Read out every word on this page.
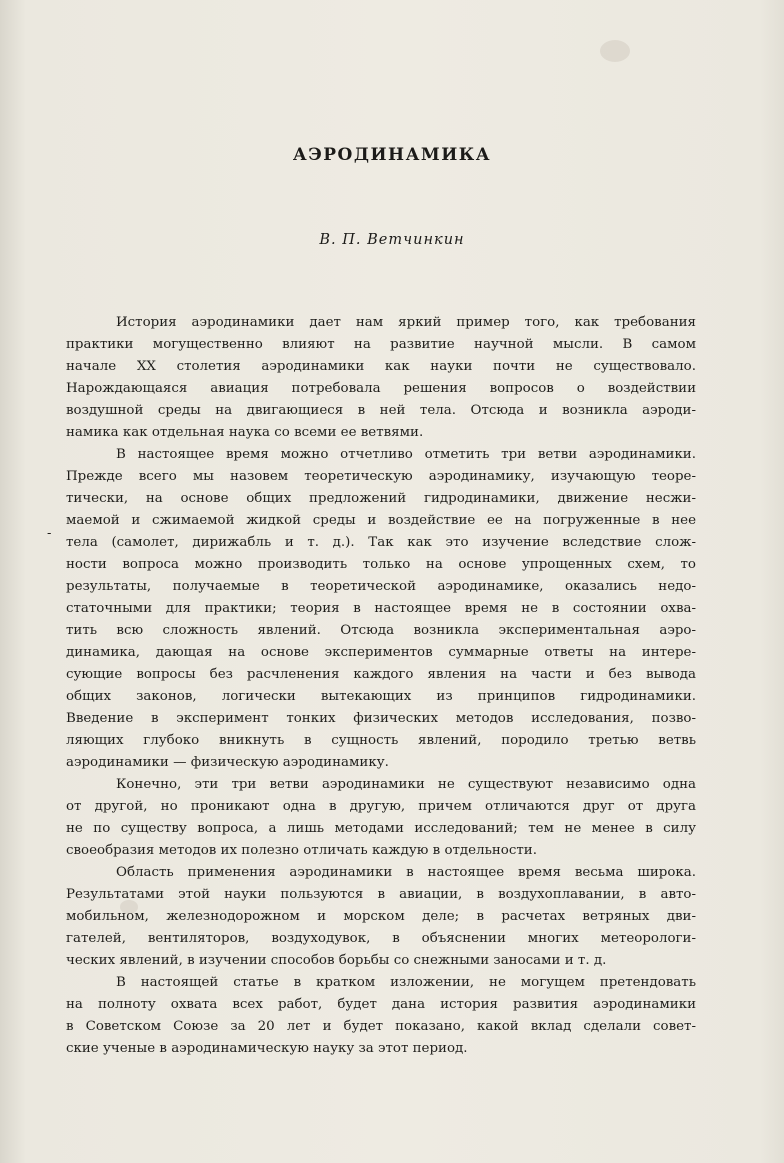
АЭРОДИНАМИКА
В. П. Ветчинкин
-
История аэродинамики дает нам яркий пример того, как требования
практики могущественно влияют на развитие научной мысли. В самом
начале XX столетия аэродинамики как науки почти не существовало.
Нарождающаяся авиация потребовала решения вопросов о воздействии
воздушной среды на двигающиеся в ней тела. Отсюда и возникла аэроди-
намика как отдельная наука со всеми ее ветвями.
В настоящее время можно отчетливо отметить три ветви аэродинамики.
Прежде всего мы назовем теоретическую аэродинамику, изучающую теоре-
тически, на основе общих предложений гидродинамики, движение несжи-
маемой и сжимаемой жидкой среды и воздействие ее на погруженные в нее
тела (самолет, дирижабль и т. д.). Так как это изучение вследствие слож-
ности вопроса можно производить только на основе упрощенных схем, то
результаты, получаемые в теоретической аэродинамике, оказались недо-
статочными для практики; теория в настоящее время не в состоянии охва-
тить всю сложность явлений. Отсюда возникла экспериментальная аэро-
динамика, дающая на основе экспериментов суммарные ответы на интере-
сующие вопросы без расчленения каждого явления на части и без вывода
общих законов, логически вытекающих из принципов гидродинамики.
Введение в эксперимент тонких физических методов исследования, позво-
ляющих глубоко вникнуть в сущность явлений, породило третью ветвь
аэродинамики — физическую аэродинамику.
Конечно, эти три ветви аэродинамики не существуют независимо одна
от другой, но проникают одна в другую, причем отличаются друг от друга
не по существу вопроса, а лишь методами исследований; тем не менее в силу
своеобразия методов их полезно отличать каждую в отдельности.
Область применения аэродинамики в настоящее время весьма широка.
Результатами этой науки пользуются в авиации, в воздухоплавании, в авто-
мобильном, железнодорожном и морском деле; в расчетах ветряных дви-
гателей, вентиляторов, воздуходувок, в объяснении многих метеорологи-
ческих явлений, в изучении способов борьбы со снежными заносами и т. д.
В настоящей статье в кратком изложении, не могущем претендовать
на полноту охвата всех работ, будет дана история развития аэродинамики
в Советском Союзе за 20 лет и будет показано, какой вклад сделали совет-
ские ученые в аэродинамическую науку за этот период.
